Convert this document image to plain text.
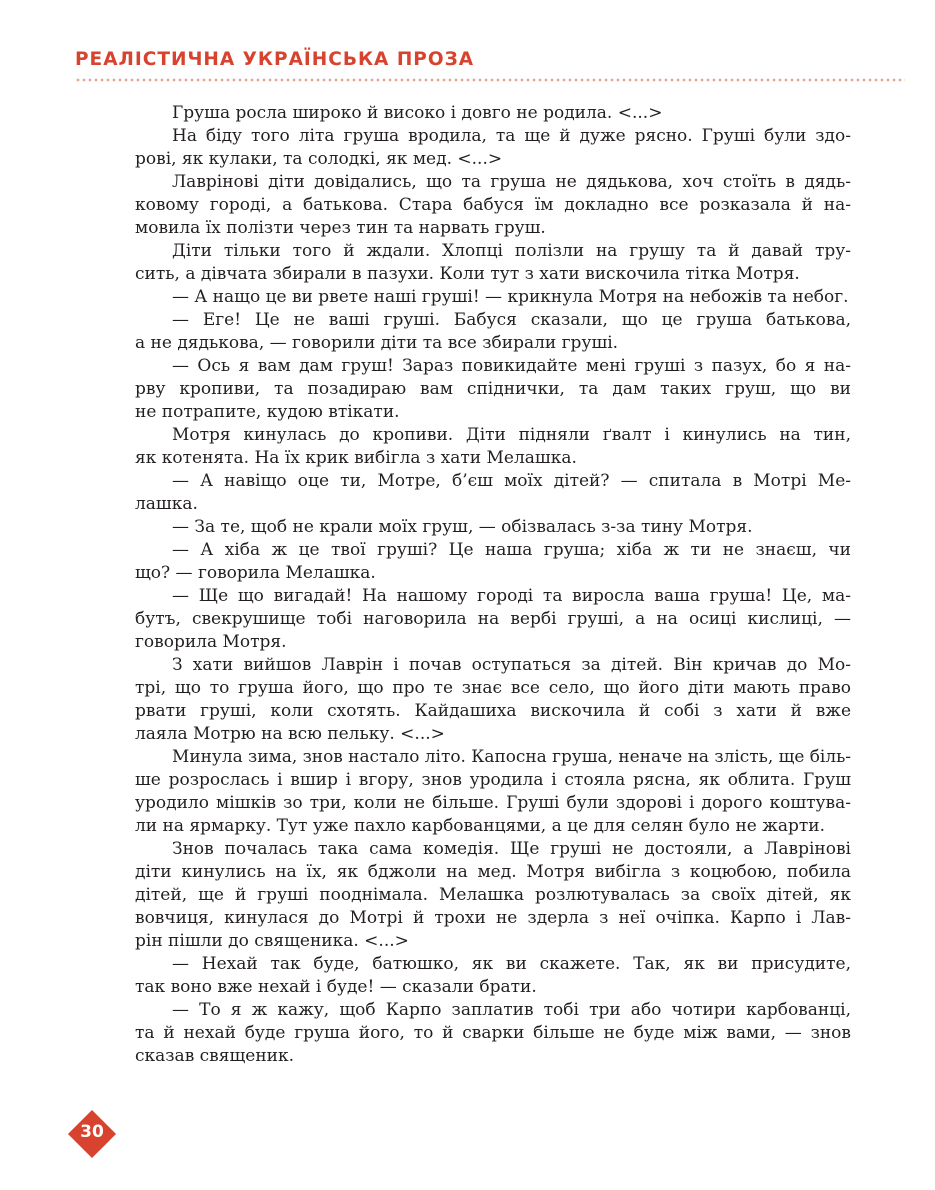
РЕАЛІСТИЧНА УКРАЇНСЬКА ПРОЗА
Груша росла широко й високо і довго не родила. <...>
На біду того літа груша вродила, та ще й дуже рясно. Груші були здо-
рові, як кулаки, та солодкі, як мед. <...>
Лаврінові діти довідались, що та груша не дядькова, хоч стоїть в дядь-
ковому городі, а батькова. Стара бабуся їм докладно все розказала й на-
мовила їх полізти через тин та нарвать груш.
Діти тільки того й ждали. Хлопці полізли на грушу та й давай тру-
сить, а дівчата збирали в пазухи. Коли тут з хати вискочила тітка Мотря.
— А нащо це ви рвете наші груші! — крикнула Мотря на небожів та небог.
— Еге! Це не ваші груші. Бабуся сказали, що це груша батькова,
а не дядькова, — говорили діти та все збирали груші.
— Ось я вам дам груш! Зараз повикидайте мені груші з пазух, бо я на-
рву кропиви, та позадираю вам спіднички, та дам таких груш, що ви
не потрапите, кудою втікати.
Мотря кинулась до кропиви. Діти підняли ґвалт і кинулись на тин,
як котенята. На їх крик вибігла з хати Мелашка.
— А навіщо оце ти, Мотре, б’єш моїх дітей? — спитала в Мотрі Ме-
лашка.
— За те, щоб не крали моїх груш, — обізвалась з-за тину Мотря.
— А хіба ж це твої груші? Це наша груша; хіба ж ти не знаєш, чи
що? — говорила Мелашка.
— Ще що вигадай! На нашому городі та виросла ваша груша! Це, ма-
бутъ, свекрушище тобі наговорила на вербі груші, а на осиці кислиці, —
говорила Мотря.
З хати вийшов Лаврін і почав оступаться за дітей. Він кричав до Мо-
трі, що то груша його, що про те знає все село, що його діти мають право
рвати груші, коли схотять. Кайдашиха вискочила й собі з хати й вже
лаяла Мотрю на всю пельку. <...>
Минула зима, знов настало літо. Капосна груша, неначе на злість, ще біль-
ше розрослась і вшир і вгору, знов уродила і стояла рясна, як облита. Груш
уродило мішків зо три, коли не більше. Груші були здорові і дорого коштува-
ли на ярмарку. Тут уже пахло карбованцями, а це для селян було не жарти.
Знов почалась така сама комедія. Ще груші не достояли, а Лаврінові
діти кинулись на їх, як бджоли на мед. Мотря вибігла з коцюбою, побила
дітей, ще й груші пооднімала. Мелашка розлютувалась за своїх дітей, як
вовчиця, кинулася до Мотрі й трохи не здерла з неї очіпка. Карпо і Лав-
рін пішли до священика. <...>
— Нехай так буде, батюшко, як ви скажете. Так, як ви присудите,
так воно вже нехай і буде! — сказали брати.
— То я ж кажу, щоб Карпо заплатив тобі три або чотири карбованці,
та й нехай буде груша його, то й сварки більше не буде між вами, — знов
сказав священик.
30
